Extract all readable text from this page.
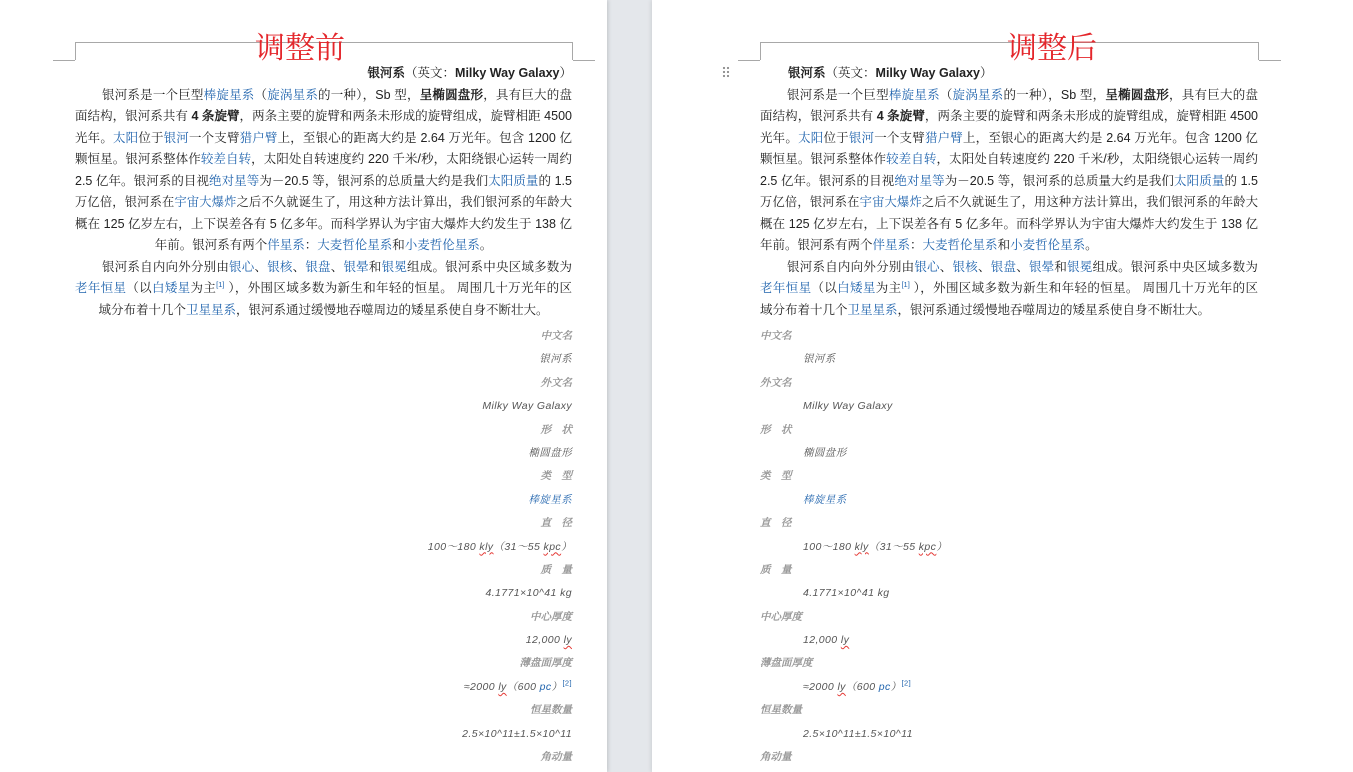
调整前
银河系（英文：Milky Way Galaxy）
银河系是一个巨型棒旋星系（旋涡星系的一种），Sb 型，呈椭圆盘形，具有巨大的盘
面结构，银河系共有 4 条旋臂，两条主要的旋臂和两条未形成的旋臂组成，旋臂相距 4500
光年。太阳位于银河一个支臂猎户臂上，至银心的距离大约是 2.64 万光年。包含 1200 亿
颗恒星。银河系整体作较差自转，太阳处自转速度约 220 千米/秒，太阳绕银心运转一周约
2.5 亿年。银河系的目视绝对星等为－20.5 等，银河系的总质量大约是我们太阳质量的 1.5
万亿倍，银河系在宇宙大爆炸之后不久就诞生了，用这种方法计算出，我们银河系的年龄大
概在 125 亿岁左右，上下误差各有 5 亿多年。而科学界认为宇宙大爆炸大约发生于 138 亿
年前。银河系有两个伴星系：大麦哲伦星系和小麦哲伦星系。
银河系自内向外分别由银心、银核、银盘、银晕和银冕组成。银河系中央区域多数为
老年恒星（以白矮星为主[1] ），外围区域多数为新生和年轻的恒星。 周围几十万光年的区
域分布着十几个卫星星系，银河系通过缓慢地吞噬周边的矮星系使自身不断壮大。
中文名
银河系
外文名
Milky Way Galaxy
形　状
椭圆盘形
类　型
棒旋星系
直　径
100～180 kly（31～55 kpc）
质　量
4.1771×10^41 kg
中心厚度
12,000 ly
薄盘面厚度
≈2000 ly（600 pc）[2]
恒星数量
2.5×10^11±1.5×10^11
角动量
调整后
银河系（英文：Milky Way Galaxy）
银河系是一个巨型棒旋星系（旋涡星系的一种），Sb 型，呈椭圆盘形，具有巨大的盘
面结构，银河系共有 4 条旋臂，两条主要的旋臂和两条未形成的旋臂组成，旋臂相距 4500
光年。太阳位于银河一个支臂猎户臂上，至银心的距离大约是 2.64 万光年。包含 1200 亿
颗恒星。银河系整体作较差自转，太阳处自转速度约 220 千米/秒，太阳绕银心运转一周约
2.5 亿年。银河系的目视绝对星等为－20.5 等，银河系的总质量大约是我们太阳质量的 1.5
万亿倍，银河系在宇宙大爆炸之后不久就诞生了，用这种方法计算出，我们银河系的年龄大
概在 125 亿岁左右，上下误差各有 5 亿多年。而科学界认为宇宙大爆炸大约发生于 138 亿
年前。银河系有两个伴星系：大麦哲伦星系和小麦哲伦星系。
银河系自内向外分别由银心、银核、银盘、银晕和银冕组成。银河系中央区域多数为
老年恒星（以白矮星为主[1] ），外围区域多数为新生和年轻的恒星。 周围几十万光年的区
域分布着十几个卫星星系，银河系通过缓慢地吞噬周边的矮星系使自身不断壮大。
中文名
银河系
外文名
Milky Way Galaxy
形　状
椭圆盘形
类　型
棒旋星系
直　径
100～180 kly（31～55 kpc）
质　量
4.1771×10^41 kg
中心厚度
12,000 ly
薄盘面厚度
≈2000 ly（600 pc）[2]
恒星数量
2.5×10^11±1.5×10^11
角动量
